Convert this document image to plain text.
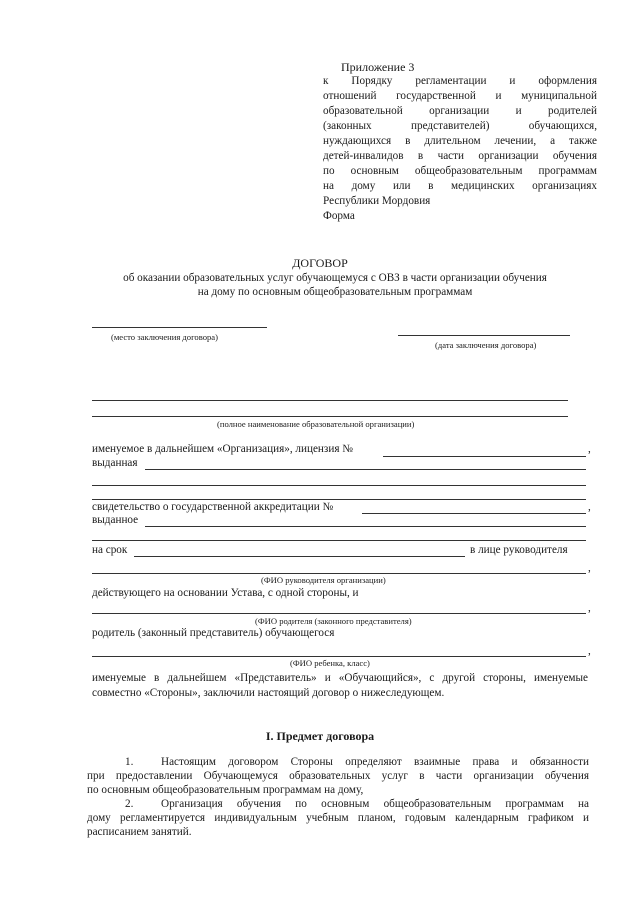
Приложение 3
к Порядку регламентации и оформления
отношений государственной и муниципальной
образовательной организации и родителей
(законных представителей) обучающихся,
нуждающихся в длительном лечении, а также
детей-инвалидов в части организации обучения
по основным общеобразовательным программам
на дому или в медицинских организациях
Республики Мордовия
Форма
ДОГОВОР
об оказании образовательных услуг обучающемуся с ОВЗ в части организации обучения
на дому по основным общеобразовательным программам
(место заключения договора)
(дата заключения договора)
(полное наименование образовательной организации)
именуемое в дальнейшем «Организация», лицензия №	,
выданная
свидетельство о государственной аккредитации №	,
выданное
на срок	в лице руководителя
,
(ФИО руководителя организации)
действующего на основании Устава, с одной стороны, и
,
(ФИО родителя (законного представителя)
родитель (законный представитель) обучающегося
,
(ФИО ребенка, класс)
именуемые в дальнейшем «Представитель» и «Обучающийся», с другой стороны, именуемые
совместно «Стороны», заключили настоящий договор о нижеследующем.
I. Предмет договора
1. Настоящим договором Стороны определяют взаимные права и обязанности
при предоставлении Обучающемуся образовательных услуг в части организации обучения
по основным общеобразовательным программам на дому,
2. Организация обучения по основным общеобразовательным программам на
дому регламентируется индивидуальным учебным планом, годовым календарным графиком и
расписанием занятий.
